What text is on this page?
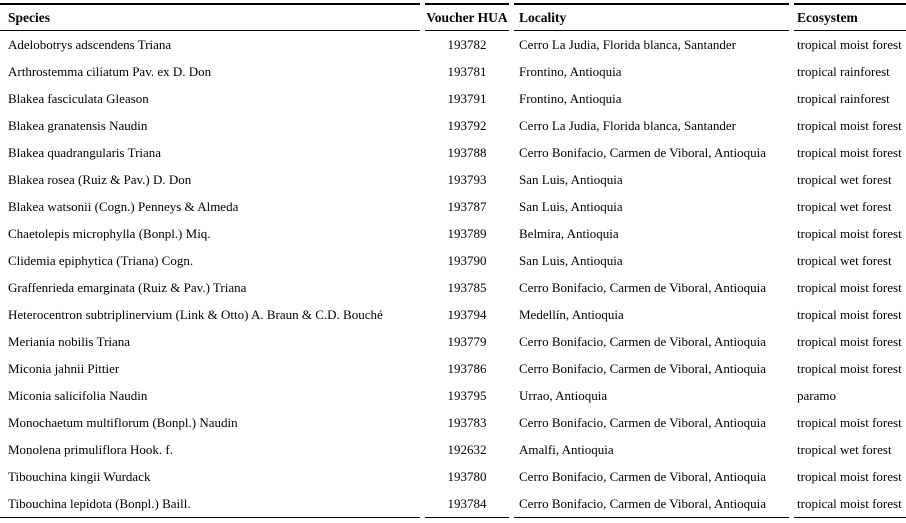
Species	Voucher HUA	Locality	Ecosystem
Adelobotrys adscendens Triana	193782	Cerro La Judia, Florida blanca, Santander	tropical moist forest
Arthrostemma ciliatum Pav. ex D. Don	193781	Frontino, Antioquia	tropical rainforest
Blakea fasciculata Gleason	193791	Frontino, Antioquia	tropical rainforest
Blakea granatensis Naudin	193792	Cerro La Judia, Florida blanca, Santander	tropical moist forest
Blakea quadrangularis Triana	193788	Cerro Bonifacio, Carmen de Viboral, Antioquia	tropical moist forest
Blakea rosea (Ruiz & Pav.) D. Don	193793	San Luis, Antioquia	tropical wet forest
Blakea watsonii (Cogn.) Penneys & Almeda	193787	San Luis, Antioquia	tropical wet forest
Chaetolepis microphylla (Bonpl.) Miq.	193789	Belmira, Antioquia	tropical moist forest
Clidemia epiphytica (Triana) Cogn.	193790	San Luis, Antioquia	tropical wet forest
Graffenrieda emarginata (Ruiz & Pav.) Triana	193785	Cerro Bonifacio, Carmen de Viboral, Antioquia	tropical moist forest
Heterocentron subtriplinervium (Link & Otto) A. Braun & C.D. Bouché	193794	Medellín, Antioquia	tropical moist forest
Meriania nobilis Triana	193779	Cerro Bonifacio, Carmen de Viboral, Antioquia	tropical moist forest
Miconia jahnii Pittier	193786	Cerro Bonifacio, Carmen de Viboral, Antioquia	tropical moist forest
Miconia salicifolia Naudin	193795	Urrao, Antioquia	paramo
Monochaetum multiflorum (Bonpl.) Naudin	193783	Cerro Bonifacio, Carmen de Viboral, Antioquia	tropical moist forest
Monolena primuliflora Hook. f.	192632	Amalfi, Antioquia	tropical wet forest
Tibouchina kingii Wurdack	193780	Cerro Bonifacio, Carmen de Viboral, Antioquia	tropical moist forest
Tibouchina lepidota (Bonpl.) Baill.	193784	Cerro Bonifacio, Carmen de Viboral, Antioquia	tropical moist forest
